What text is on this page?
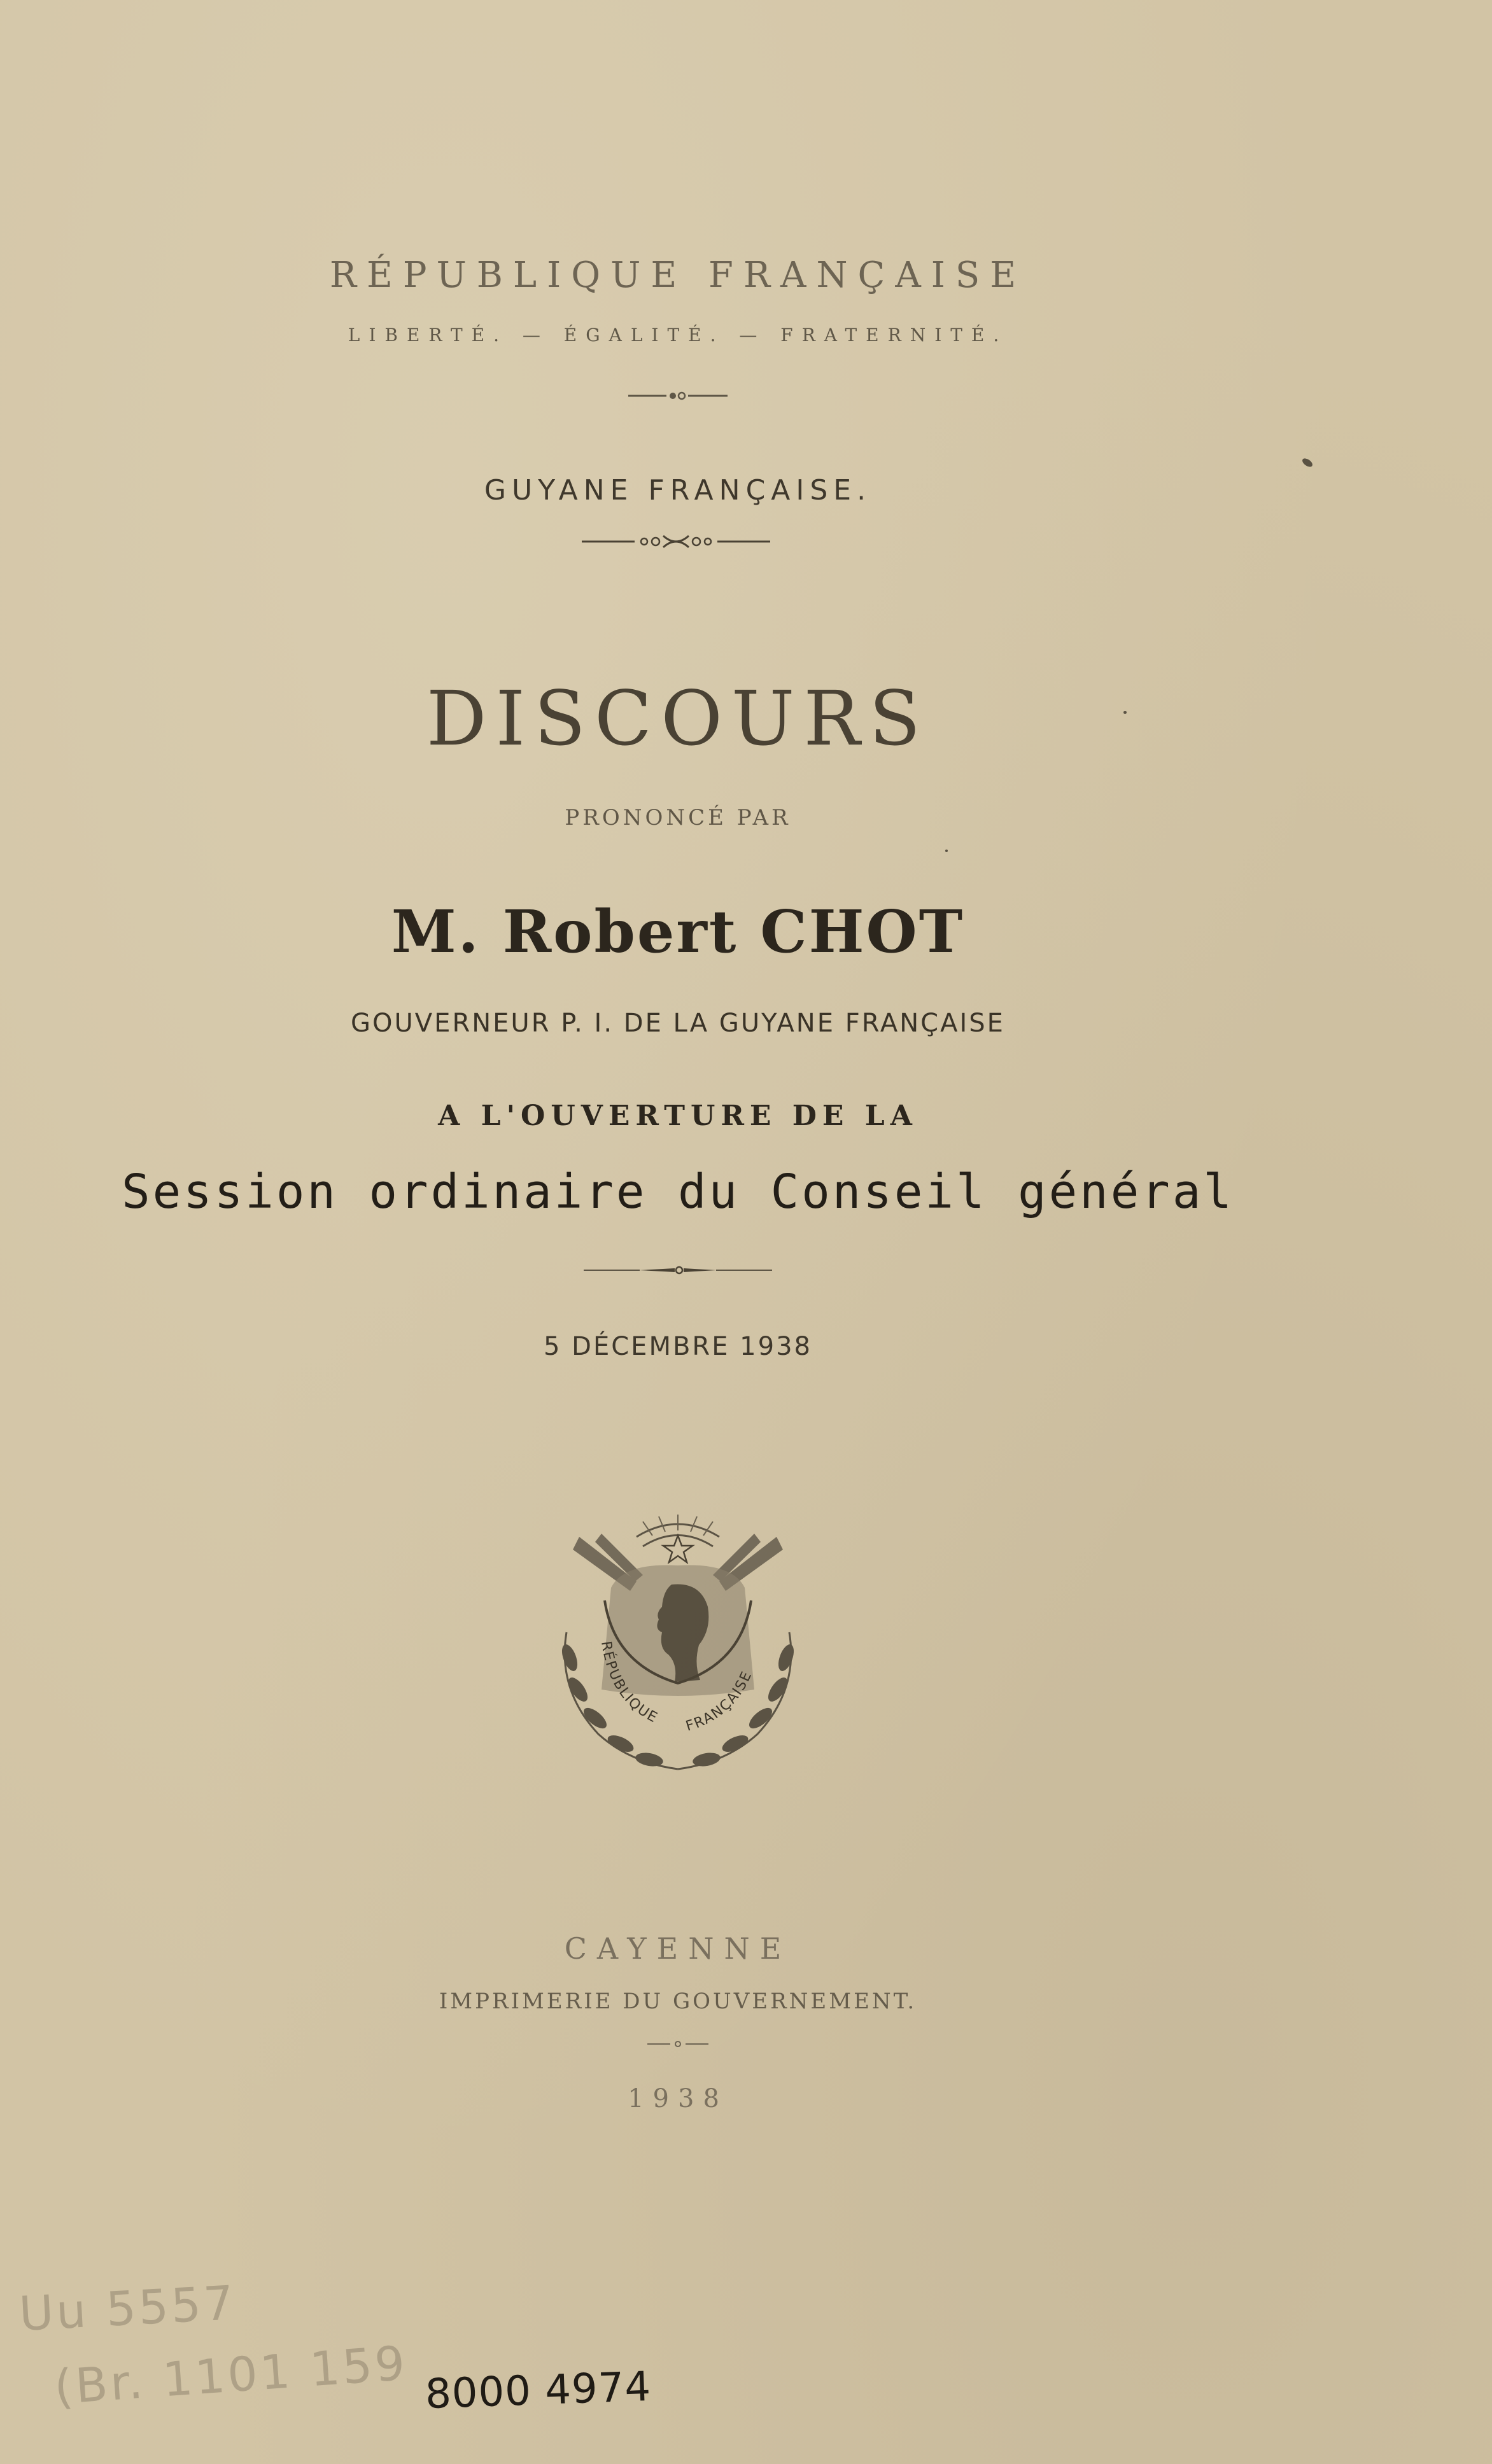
RÉPUBLIQUE FRANÇAISE
LIBERTÉ. — ÉGALITÉ. — FRATERNITÉ.
GUYANE FRANÇAISE.
DISCOURS
PRONONCÉ PAR
M. Robert CHOT
GOUVERNEUR P. I. DE LA GUYANE FRANÇAISE
A L'OUVERTURE DE LA
Session ordinaire du Conseil général
5 DÉCEMBRE 1938
RÉPUBLIQUE FRANÇAISE
CAYENNE
IMPRIMERIE DU GOUVERNEMENT.
1938
Uu 5557
(Br. 1101 159 8000 4974
